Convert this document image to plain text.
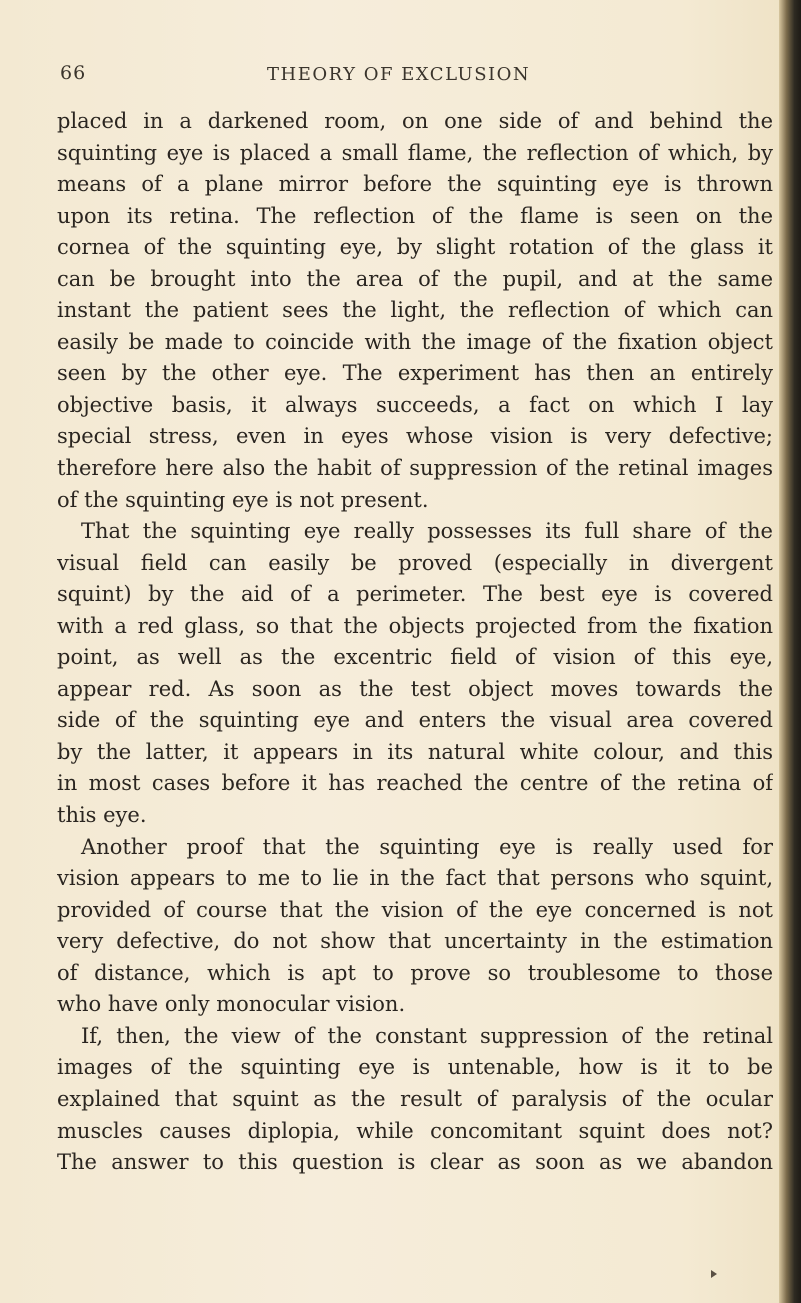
66	THEORY OF EXCLUSION
placed in a darkened room, on one side of and behind the
squinting eye is placed a small flame, the reflection of which, by
means of a plane mirror before the squinting eye is thrown
upon its retina. The reflection of the flame is seen on the
cornea of the squinting eye, by slight rotation of the glass it
can be brought into the area of the pupil, and at the same
instant the patient sees the light, the reflection of which can
easily be made to coincide with the image of the fixation object
seen by the other eye. The experiment has then an entirely
objective basis, it always succeeds, a fact on which I lay
special stress, even in eyes whose vision is very defective;
therefore here also the habit of suppression of the retinal images
of the squinting eye is not present.
That the squinting eye really possesses its full share of the
visual field can easily be proved (especially in divergent
squint) by the aid of a perimeter. The best eye is covered
with a red glass, so that the objects projected from the fixation
point, as well as the excentric field of vision of this eye,
appear red. As soon as the test object moves towards the
side of the squinting eye and enters the visual area covered
by the latter, it appears in its natural white colour, and this
in most cases before it has reached the centre of the retina of
this eye.
Another proof that the squinting eye is really used for
vision appears to me to lie in the fact that persons who squint,
provided of course that the vision of the eye concerned is not
very defective, do not show that uncertainty in the estimation
of distance, which is apt to prove so troublesome to those
who have only monocular vision.
If, then, the view of the constant suppression of the retinal
images of the squinting eye is untenable, how is it to be
explained that squint as the result of paralysis of the ocular
muscles causes diplopia, while concomitant squint does not?
The answer to this question is clear as soon as we abandon
